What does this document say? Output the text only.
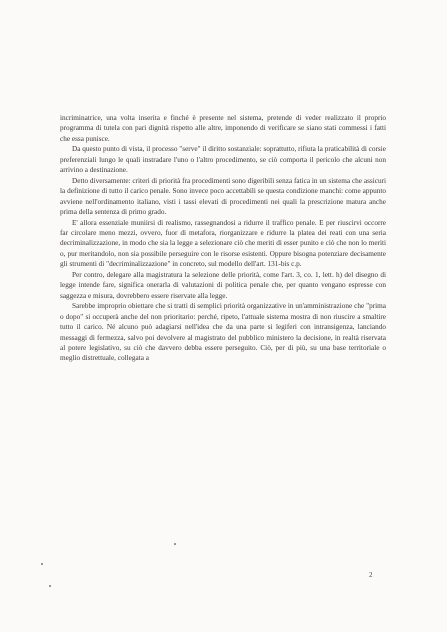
incriminatrice, una volta inserita e finché è presente nel sistema, pretende di veder realizzato il proprio programma di tutela con pari dignità rispetto alle altre, imponendo di verificare se siano stati commessi i fatti che essa punisce.

Da questo punto di vista, il processo "serve" il diritto sostanziale: soprattutto, rifiuta la praticabilità di corsie preferenziali lungo le quali instradare l'uno o l'altro procedimento, se ciò comporta il pericolo che alcuni non arrivino a destinazione.

Detto diversamente: criteri di priorità fra procedimenti sono digeribili senza fatica in un sistema che assicuri la definizione di tutto il carico penale. Sono invece poco accettabili se questa condizione manchi: come appunto avviene nell'ordinamento italiano, visti i tassi elevati di procedimenti nei quali la prescrizione matura anche prima della sentenza di primo grado.

E' allora essenziale muniirsi di realismo, rassegnandosi a ridurre il traffico penale. E per riuscirvi occorre far circolare meno mezzi, ovvero, fuor di metafora, riorganizzare e ridurre la platea dei reati con una seria decriminalizzazione, in modo che sia la legge a selezionare ciò che meriti di esser punito e ciò che non lo meriti o, pur meritandolo, non sia possibile perseguire con le risorse esistenti. Oppure bisogna potenziare decisamente gli strumenti di "decriminalizzazione" in concreto, sul modello dell'art. 131-bis c.p.

Per contro, delegare alla magistratura la selezione delle priorità, come l'art. 3, co. 1, lett. h) del disegno di legge intende fare, significa onerarla di valutazioni di politica penale che, per quanto vengano espresse con saggezza e misura, dovrebbero essere riservate alla legge.

Sarebbe improprio obiettare che si tratti di semplici priorità organizzative in un'amministrazione che "prima o dopo" si occuperà anche del non prioritario: perché, ripeto, l'attuale sistema mostra di non riuscire a smaltire tutto il carico. Né alcuno può adagiarsi nell'idea che da una parte si legiferi con intransigenza, lanciando messaggi di fermezza, salvo poi devolvere al magistrato del pubblico ministero la decisione, in realtà riservata al potere legislativo, su ciò che davvero debba essere perseguito. Ciò, per di più, su una base territoriale o meglio distrettuale, collegata a

2
